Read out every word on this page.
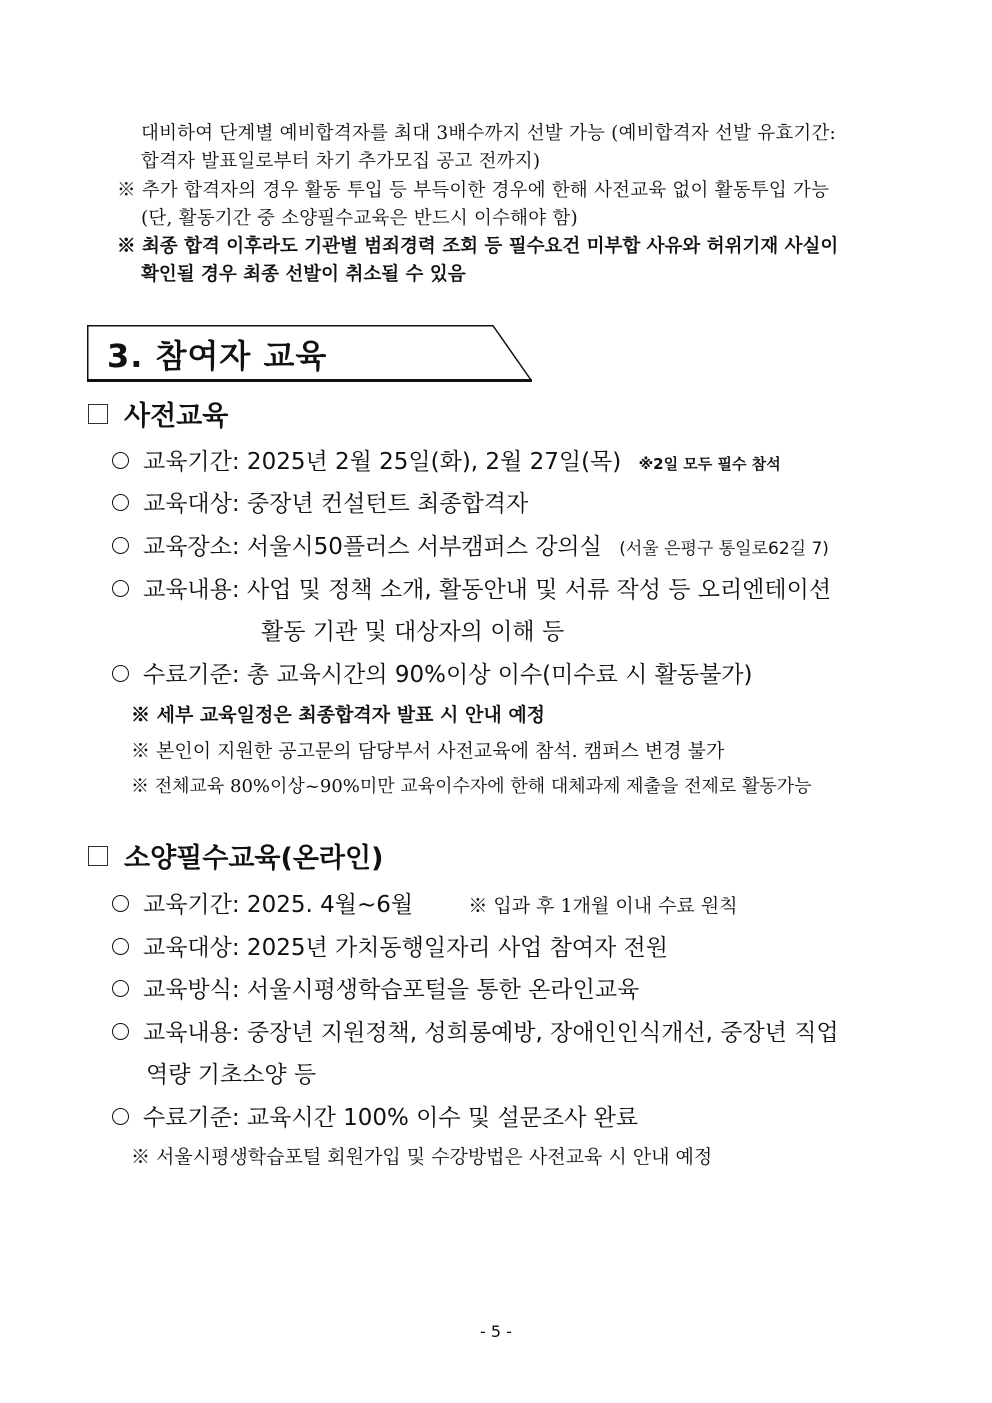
대비하여 단계별 예비합격자를 최대 3배수까지 선발 가능 (예비합격자 선발 유효기간:
합격자 발표일로부터 차기 추가모집 공고 전까지)
※ 추가 합격자의 경우 활동 투입 등 부득이한 경우에 한해 사전교육 없이 활동투입 가능
(단, 활동기간 중 소양필수교육은 반드시 이수해야 함)
※ 최종 합격 이후라도 기관별 범죄경력 조회 등 필수요건 미부합 사유와 허위기재 사실이
확인될 경우 최종 선발이 취소될 수 있음
3. 참여자 교육
사전교육
교육기간: 2025년 2월 25일(화), 2월 27일(목) ※2일 모두 필수 참석
교육대상: 중장년 컨설턴트 최종합격자
교육장소: 서울시50플러스 서부캠퍼스 강의실 (서울 은평구 통일로62길 7)
교육내용: 사업 및 정책 소개, 활동안내 및 서류 작성 등 오리엔테이션
활동 기관 및 대상자의 이해 등
수료기준: 총 교육시간의 90%이상 이수(미수료 시 활동불가)
※ 세부 교육일정은 최종합격자 발표 시 안내 예정
※ 본인이 지원한 공고문의 담당부서 사전교육에 참석. 캠퍼스 변경 불가
※ 전체교육 80%이상~90%미만 교육이수자에 한해 대체과제 제출을 전제로 활동가능
소양필수교육(온라인)
교육기간: 2025. 4월~6월	※ 입과 후 1개월 이내 수료 원칙
교육대상: 2025년 가치동행일자리 사업 참여자 전원
교육방식: 서울시평생학습포털을 통한 온라인교육
교육내용: 중장년 지원정책, 성희롱예방, 장애인인식개선, 중장년 직업
역량 기초소양 등
수료기준: 교육시간 100% 이수 및 설문조사 완료
※ 서울시평생학습포털 회원가입 및 수강방법은 사전교육 시 안내 예정
- 5 -
